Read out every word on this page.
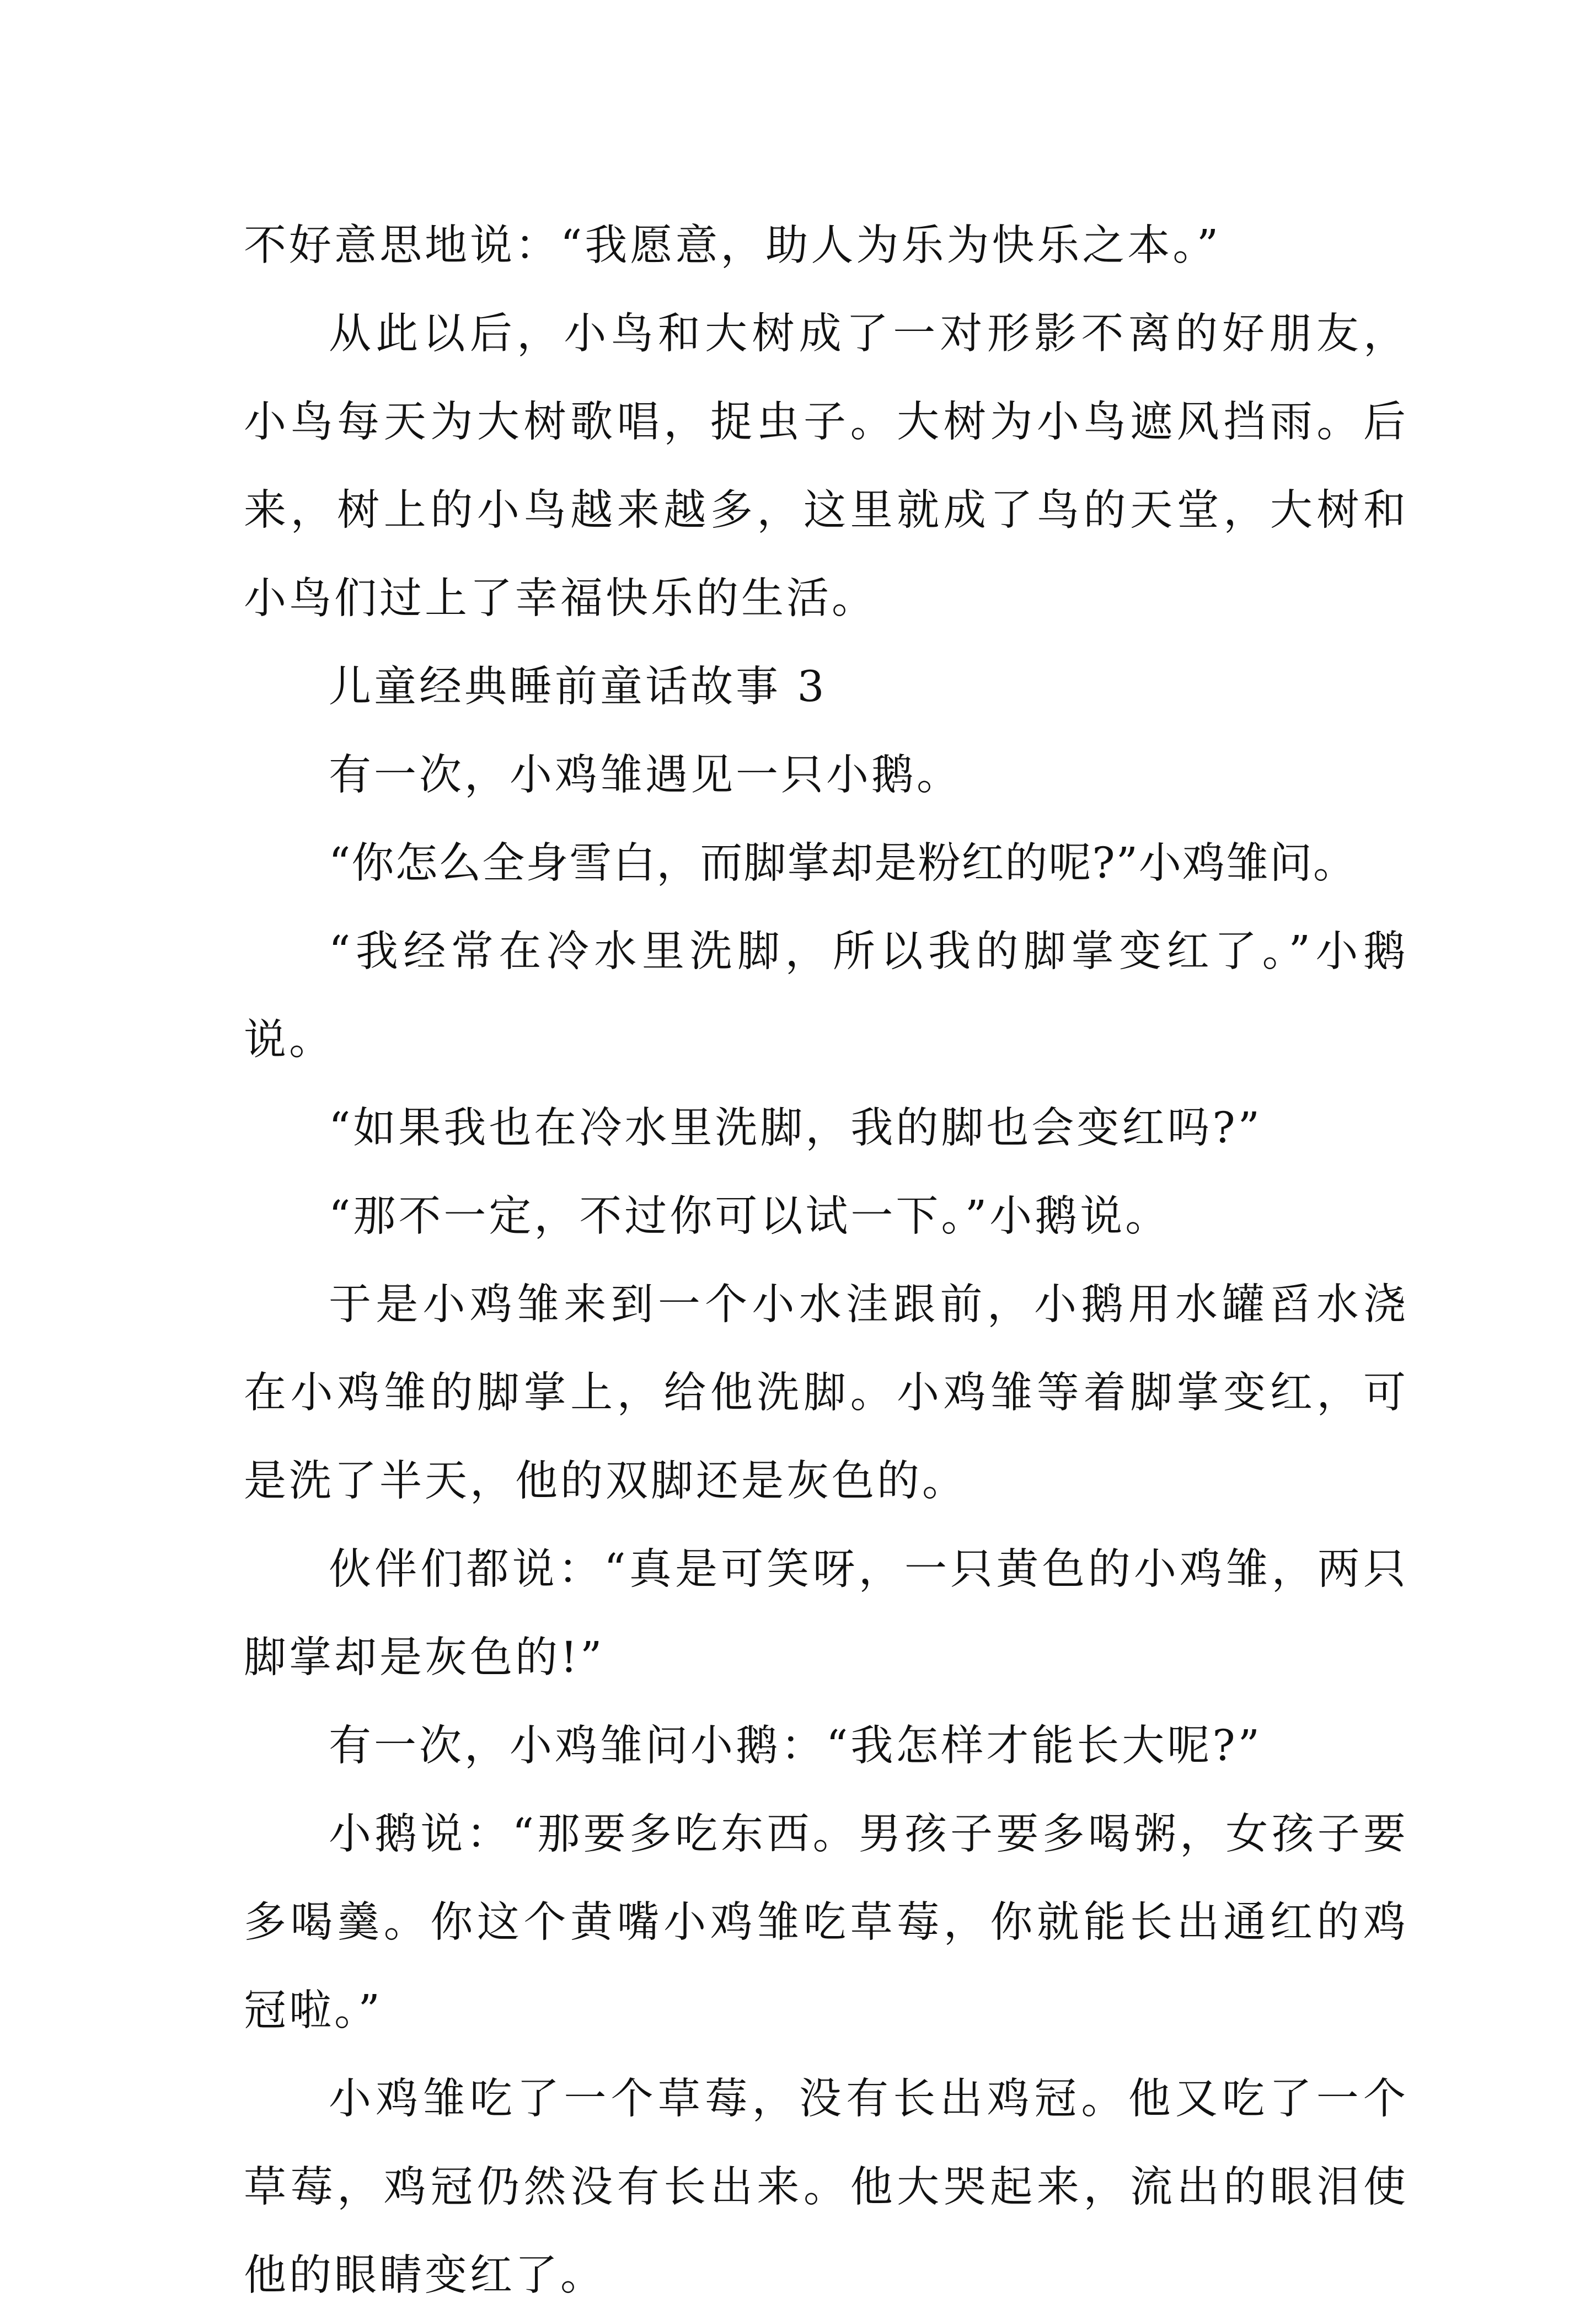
不好意思地说：“我愿意，助人为乐为快乐之本。”

从此以后，小鸟和大树成了一对形影不离的好朋友，小鸟每天为大树歌唱，捉虫子。大树为小鸟遮风挡雨。后来，树上的小鸟越来越多，这里就成了鸟的天堂，大树和小鸟们过上了幸福快乐的生活。

儿童经典睡前童话故事 3

有一次，小鸡雏遇见一只小鹅。

“你怎么全身雪白，而脚掌却是粉红的呢?”小鸡雏问。

“我经常在冷水里洗脚，所以我的脚掌变红了。”小鹅说。

“如果我也在冷水里洗脚，我的脚也会变红吗?”

“那不一定，不过你可以试一下。”小鹅说。

于是小鸡雏来到一个小水洼跟前，小鹅用水罐舀水浇在小鸡雏的脚掌上，给他洗脚。小鸡雏等着脚掌变红，可是洗了半天，他的双脚还是灰色的。

伙伴们都说：“真是可笑呀，一只黄色的小鸡雏，两只脚掌却是灰色的!”

有一次，小鸡雏问小鹅：“我怎样才能长大呢?”

小鹅说：“那要多吃东西。男孩子要多喝粥，女孩子要多喝羹。你这个黄嘴小鸡雏吃草莓，你就能长出通红的鸡冠啦。”

小鸡雏吃了一个草莓，没有长出鸡冠。他又吃了一个草莓，鸡冠仍然没有长出来。他大哭起来，流出的眼泪使他的眼睛变红了。
